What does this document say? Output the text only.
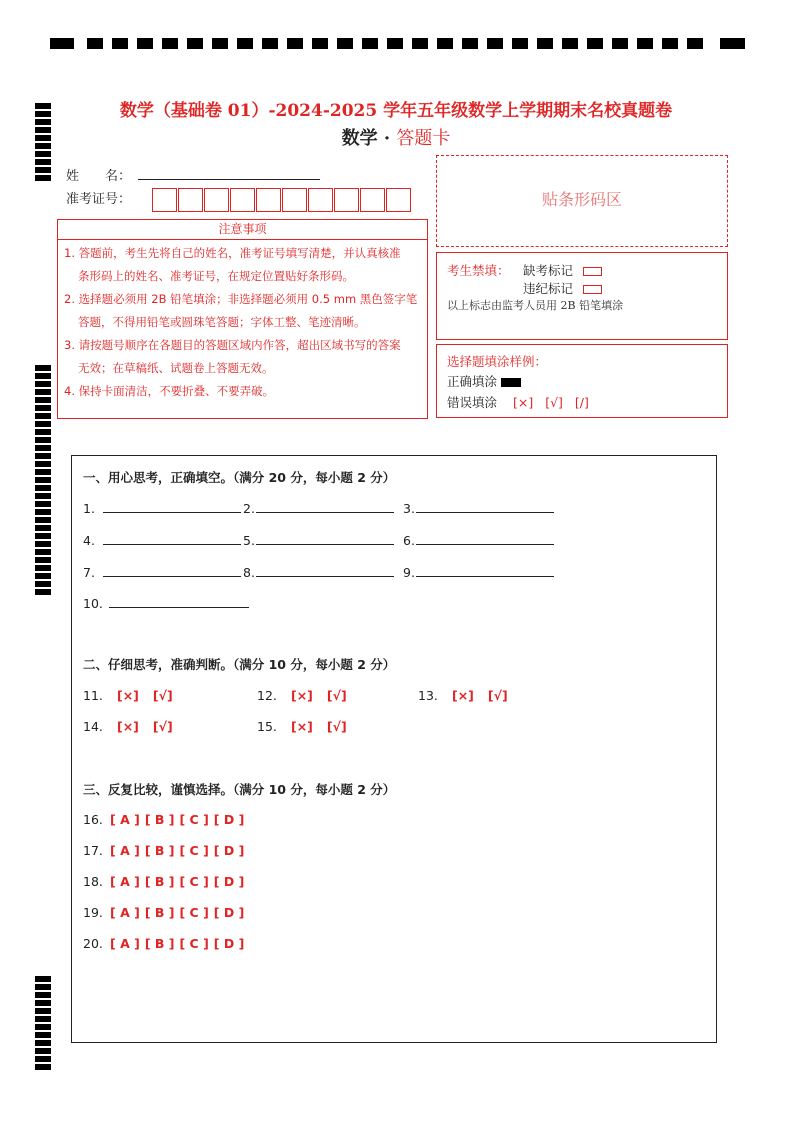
数学（基础卷 01）-2024-2025 学年五年级数学上学期期末名校真题卷
数学 · 答题卡
姓　　名：
准考证号：	贴条形码区
注意事项
1. 答题前，考生先将自己的姓名，准考证号填写清楚，并认真核准
条形码上的姓名、准考证号，在规定位置贴好条形码。
2. 选择题必须用 2B 铅笔填涂；非选择题必须用 0.5 mm 黑色签字笔
答题，不得用铅笔或圆珠笔答题；字体工整、笔迹清晰。
3. 请按题号顺序在各题目的答题区域内作答，超出区域书写的答案
无效；在草稿纸、试题卷上答题无效。
4. 保持卡面清洁，不要折叠、不要弄破。
考生禁填： 缺考标记
违纪标记
以上标志由监考人员用 2B 铅笔填涂
选择题填涂样例：
正确填涂
错误填涂 [×] [√] [/]
一、用心思考，正确填空。（满分 20 分，每小题 2 分）
1.	2.	3.
4.	5.	6.
7.	8.	9.
10.
二、仔细思考，准确判断。（满分 10 分，每小题 2 分）
11. [×] [√]	12. [×] [√]	13. [×] [√]
14. [×] [√]	15. [×] [√]
三、反复比较，谨慎选择。（满分 10 分，每小题 2 分）
16. [ A ] [ B ] [ C ] [ D ]
17. [ A ] [ B ] [ C ] [ D ]
18. [ A ] [ B ] [ C ] [ D ]
19. [ A ] [ B ] [ C ] [ D ]
20. [ A ] [ B ] [ C ] [ D ]
